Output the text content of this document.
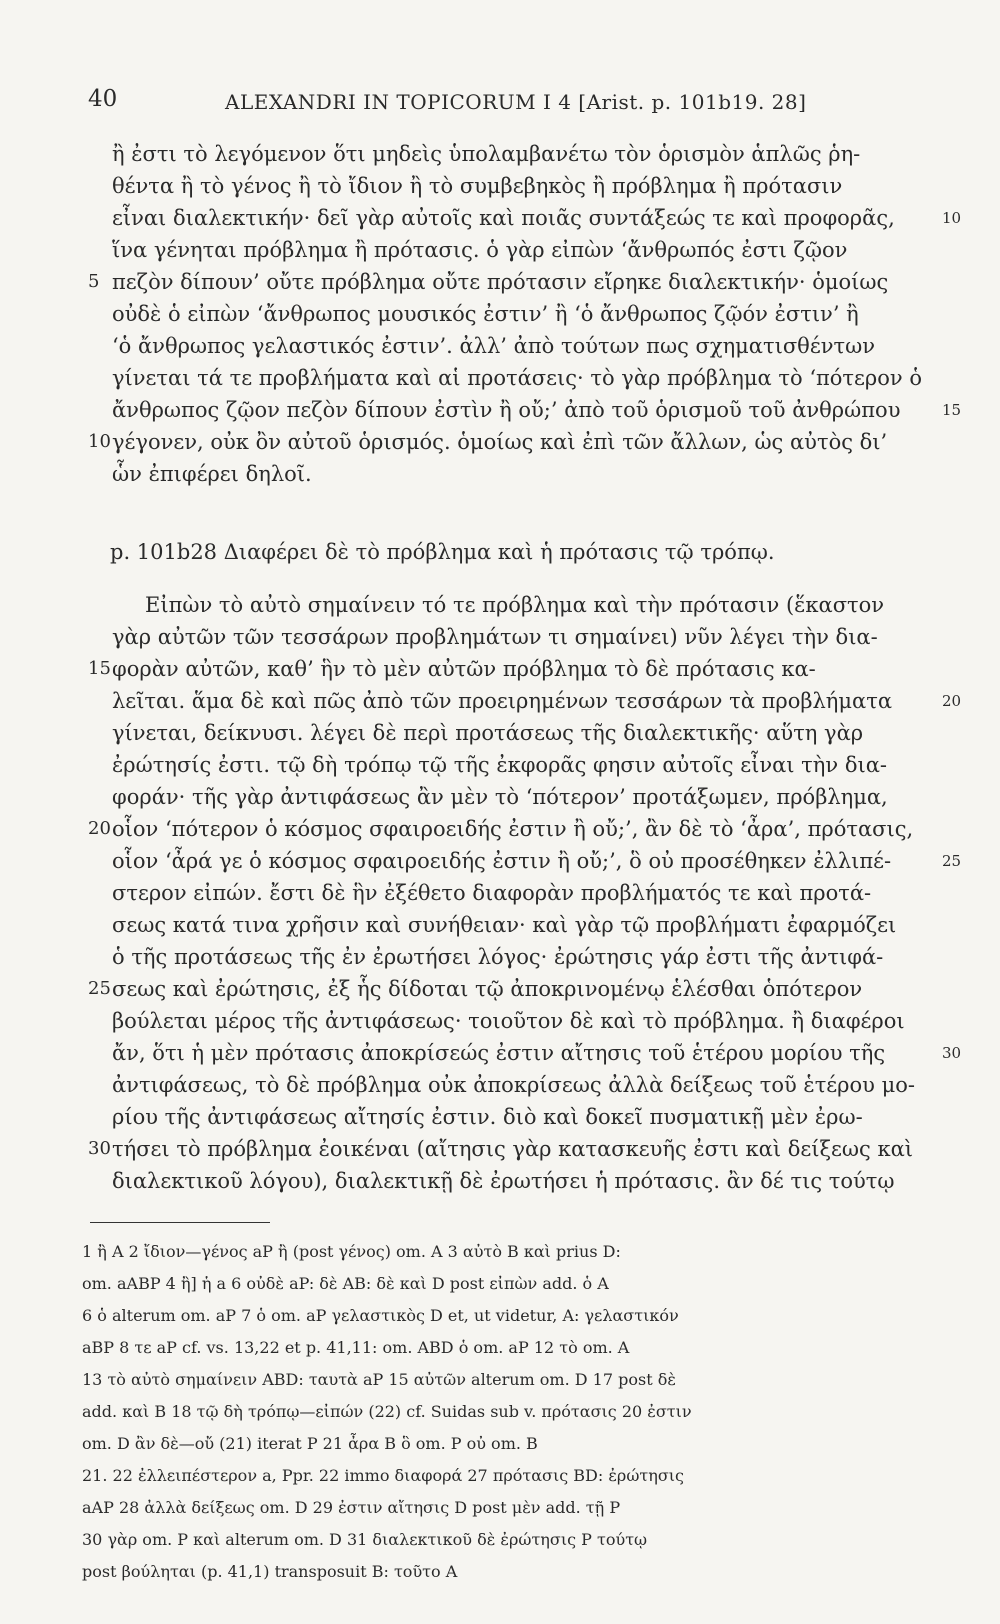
40	ALEXANDRI IN TOPICORUM I 4 [Arist. p. 101b19. 28]
ἢ ἐστι τὸ λεγόμενον ὅτι μηδεὶς ὑπολαμβανέτω τὸν ὁρισμὸν ἁπλῶς ῥη-
θέντα ἢ τὸ γένος ἢ τὸ ἴδιον ἢ τὸ συμβεβηκὸς ἢ πρόβλημα ἢ πρότασιν
εἶναι διαλεκτικήν· δεῖ γὰρ αὐτοῖς καὶ ποιᾶς συντάξεώς τε καὶ προφορᾶς,
ἵνα γένηται πρόβλημα ἢ πρότασις. ὁ γὰρ εἰπὼν ‘ἄνθρωπός ἐστι ζῷον
πεζὸν δίπουν’ οὔτε πρόβλημα οὔτε πρότασιν εἴρηκε διαλεκτικήν· ὁμοίως
οὐδὲ ὁ εἰπὼν ‘ἄνθρωπος μουσικός ἐστιν’ ἢ ‘ὁ ἄνθρωπος ζῷόν ἐστιν’ ἢ
‘ὁ ἄνθρωπος γελαστικός ἐστιν’. ἀλλ’ ἀπὸ τούτων πως σχηματισθέντων
γίνεται τά τε προβλήματα καὶ αἱ προτάσεις· τὸ γὰρ πρόβλημα τὸ ‘πότερον ὁ
ἄνθρωπος ζῷον πεζὸν δίπουν ἐστὶν ἢ οὔ;’ ἀπὸ τοῦ ὁρισμοῦ τοῦ ἀνθρώπου
γέγονεν, οὐκ ὂν αὐτοῦ ὁρισμός. ὁμοίως καὶ ἐπὶ τῶν ἄλλων, ὡς αὐτὸς δι’
ὧν ἐπιφέρει δηλοῖ.
p. 101b28 Διαφέρει δὲ τὸ πρόβλημα καὶ ἡ πρότασις τῷ τρόπῳ.
Εἰπὼν τὸ αὐτὸ σημαίνειν τό τε πρόβλημα καὶ τὴν πρότασιν (ἕκαστον
γὰρ αὐτῶν τῶν τεσσάρων προβλημάτων τι σημαίνει) νῦν λέγει τὴν δια-
φορὰν αὐτῶν, καθ’ ἣν τὸ μὲν αὐτῶν πρόβλημα τὸ δὲ πρότασις κα-
λεῖται. ἅμα δὲ καὶ πῶς ἀπὸ τῶν προειρημένων τεσσάρων τὰ προβλήματα
γίνεται, δείκνυσι. λέγει δὲ περὶ προτάσεως τῆς διαλεκτικῆς· αὕτη γὰρ
ἐρώτησίς ἐστι. τῷ δὴ τρόπῳ τῷ τῆς ἐκφορᾶς φησιν αὐτοῖς εἶναι τὴν δια-
φοράν· τῆς γὰρ ἀντιφάσεως ἂν μὲν τὸ ‘πότερον’ προτάξωμεν, πρόβλημα,
οἷον ‘πότερον ὁ κόσμος σφαιροειδής ἐστιν ἢ οὔ;’, ἂν δὲ τὸ ‘ἆρα’, πρότασις,
οἷον ‘ἆρά γε ὁ κόσμος σφαιροειδής ἐστιν ἢ οὔ;’, ὃ οὐ προσέθηκεν ἐλλιπέ-
στερον εἰπών. ἔστι δὲ ἣν ἐξέθετο διαφορὰν προβλήματός τε καὶ προτά-
σεως κατά τινα χρῆσιν καὶ συνήθειαν· καὶ γὰρ τῷ προβλήματι ἐφαρμόζει
ὁ τῆς προτάσεως τῆς ἐν ἐρωτήσει λόγος· ἐρώτησις γάρ ἐστι τῆς ἀντιφά-
σεως καὶ ἐρώτησις, ἐξ ἧς δίδοται τῷ ἀποκρινομένῳ ἑλέσθαι ὁπότερον
βούλεται μέρος τῆς ἀντιφάσεως· τοιοῦτον δὲ καὶ τὸ πρόβλημα. ἢ διαφέροι
ἄν, ὅτι ἡ μὲν πρότασις ἀποκρίσεώς ἐστιν αἴτησις τοῦ ἑτέρου μορίου τῆς
ἀντιφάσεως, τὸ δὲ πρόβλημα οὐκ ἀποκρίσεως ἀλλὰ δείξεως τοῦ ἑτέρου μο-
ρίου τῆς ἀντιφάσεως αἴτησίς ἐστιν. διὸ καὶ δοκεῖ πυσματικῇ μὲν ἐρω-
τήσει τὸ πρόβλημα ἐοικέναι (αἴτησις γὰρ κατασκευῆς ἐστι καὶ δείξεως καὶ
διαλεκτικοῦ λόγου), διαλεκτικῇ δὲ ἐρωτήσει ἡ πρότασις. ἂν δέ τις τούτῳ
5
10
15
20
25
30
10
15
20
25
30
1 ἢ A 2 ἴδιον—γένος aP ἢ (post γένος) om. A 3 αὐτὸ B καὶ prius D:
om. aABP 4 ἢ] ἡ a 6 οὐδὲ aP: δὲ AB: δὲ καὶ D post εἰπὼν add. ὁ A
6 ὁ alterum om. aP 7 ὁ om. aP γελαστικὸς D et, ut videtur, A: γελαστικόν
aBP 8 τε aP cf. vs. 13,22 et p. 41,11: om. ABD ὁ om. aP 12 τὸ om. A
13 τὸ αὐτὸ σημαίνειν ABD: ταυτὰ aP 15 αὐτῶν alterum om. D 17 post δὲ
add. καὶ B 18 τῷ δὴ τρόπῳ—εἰπών (22) cf. Suidas sub v. πρότασις 20 ἐστιν
om. D ἂν δὲ—οὔ (21) iterat P 21 ἆρα B ὃ om. P οὐ om. B
21. 22 ἐλλειπέστερον a, Ppr. 22 immo διαφορά 27 πρότασις BD: ἐρώτησις
aAP 28 ἀλλὰ δείξεως om. D 29 ἐστιν αἴτησις D post μὲν add. τῇ P
30 γὰρ om. P καὶ alterum om. D 31 διαλεκτικοῦ δὲ ἐρώτησις P τούτῳ
post βούληται (p. 41,1) transposuit B: τοῦτο A
